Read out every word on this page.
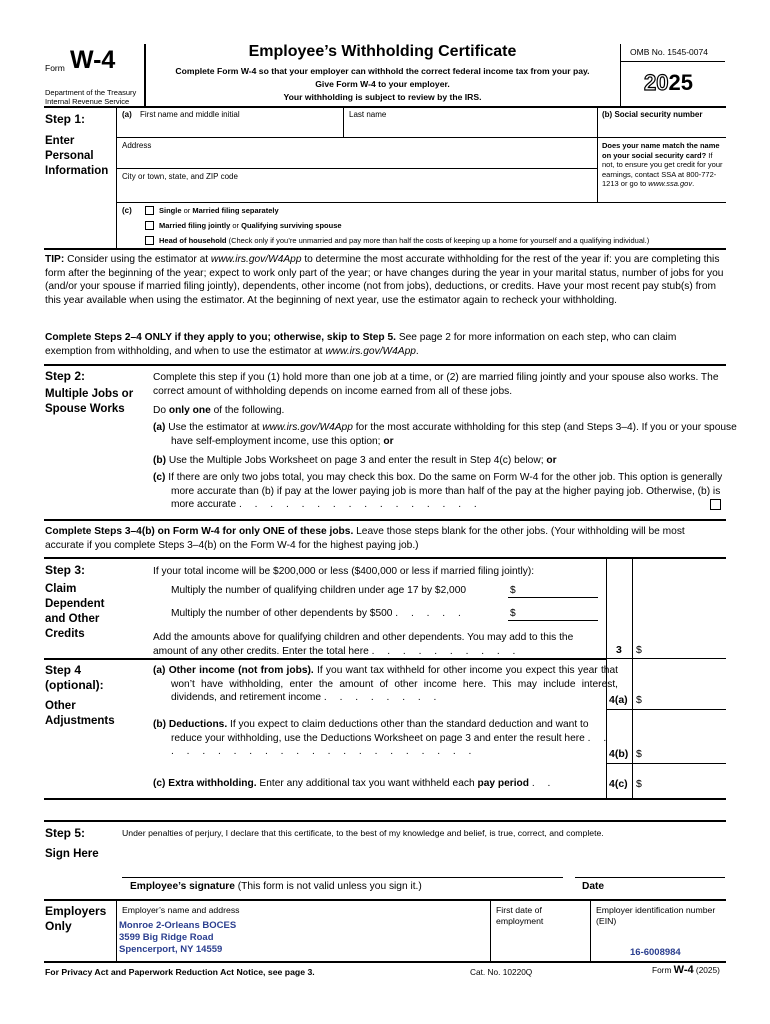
Form W-4
Department of the Treasury
Internal Revenue Service
Employee’s Withholding Certificate
Complete Form W-4 so that your employer can withhold the correct federal income tax from your pay.
Give Form W-4 to your employer.
Your withholding is subject to review by the IRS.
OMB No. 1545-0074
2025
Step 1:
Enter Personal Information
(a) First name and middle initial	Last name	(b) Social security number
Address
City or town, state, and ZIP code
Does your name match the name on your social security card? If not, to ensure you get credit for your earnings, contact SSA at 800-772-1213 or go to www.ssa.gov.
(c)	Single or Married filing separately
Married filing jointly or Qualifying surviving spouse
Head of household (Check only if you’re unmarried and pay more than half the costs of keeping up a home for yourself and a qualifying individual.)
TIP: Consider using the estimator at www.irs.gov/W4App to determine the most accurate withholding for the rest of the year if: you are completing this form after the beginning of the year; expect to work only part of the year; or have changes during the year in your marital status, number of jobs for you (and/or your spouse if married filing jointly), dependents, other income (not from jobs), deductions, or credits. Have your most recent pay stub(s) from this year available when using the estimator. At the beginning of next year, use the estimator again to recheck your withholding.
Complete Steps 2–4 ONLY if they apply to you; otherwise, skip to Step 5. See page 2 for more information on each step, who can claim exemption from withholding, and when to use the estimator at www.irs.gov/W4App.
Step 2:
Multiple Jobs or Spouse Works
Complete this step if you (1) hold more than one job at a time, or (2) are married filing jointly and your spouse also works. The correct amount of withholding depends on income earned from all of these jobs.
Do only one of the following.
(a) Use the estimator at www.irs.gov/W4App for the most accurate withholding for this step (and Steps 3–4). If you or your spouse have self-employment income, use this option; or
(b) Use the Multiple Jobs Worksheet on page 3 and enter the result in Step 4(c) below; or
(c) If there are only two jobs total, you may check this box. Do the same on Form W-4 for the other job. This option is generally more accurate than (b) if pay at the lower paying job is more than half of the pay at the higher paying job. Otherwise, (b) is more accurate . . . . . . . . . . . . . . . .
Complete Steps 3–4(b) on Form W-4 for only ONE of these jobs. Leave those steps blank for the other jobs. (Your withholding will be most accurate if you complete Steps 3–4(b) on the Form W-4 for the highest paying job.)
Step 3:
Claim Dependent and Other Credits
If your total income will be $200,000 or less ($400,000 or less if married filing jointly):
Multiply the number of qualifying children under age 17 by $2,000	$
Multiply the number of other dependents by $500 . . . . .	$
Add the amounts above for qualifying children and other dependents. You may add to this the amount of any other credits. Enter the total here . . . . . . . . . .	3 $
Step 4 (optional):
Other Adjustments
(a) Other income (not from jobs). If you want tax withheld for other income you expect this year that won’t have withholding, enter the amount of other income here. This may include interest, dividends, and retirement income . . . . . . . .	4(a) $
(b) Deductions. If you expect to claim deductions other than the standard deduction and want to reduce your withholding, use the Deductions Worksheet on page 3 and enter the result here . . . . . . . . . . . . . . . . . . . . . .	4(b) $
(c) Extra withholding. Enter any additional tax you want withheld each pay period . .	4(c) $
Step 5:
Sign Here
Under penalties of perjury, I declare that this certificate, to the best of my knowledge and belief, is true, correct, and complete.
Employee’s signature (This form is not valid unless you sign it.)	Date
Employers Only
Employer’s name and address
Monroe 2-Orleans BOCES
3599 Big Ridge Road
Spencerport, NY 14559
First date of employment
Employer identification number (EIN)
16-6008984
For Privacy Act and Paperwork Reduction Act Notice, see page 3.	Cat. No. 10220Q	Form W-4 (2025)
